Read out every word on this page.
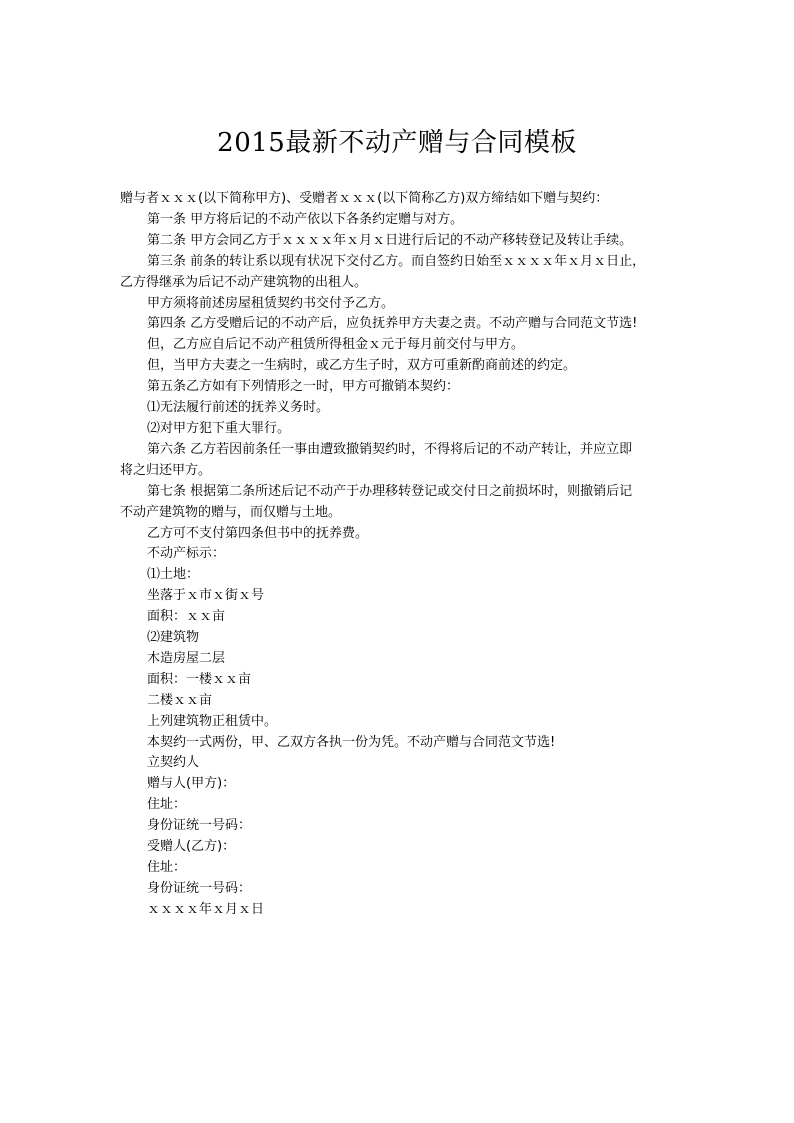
2015最新不动产赠与合同模板

赠与者ｘｘｘ(以下简称甲方)、受赠者ｘｘｘ(以下简称乙方)双方缔结如下赠与契约：

第一条 甲方将后记的不动产依以下各条约定赠与对方。

第二条 甲方会同乙方于ｘｘｘｘ年ｘ月ｘ日进行后记的不动产移转登记及转让手续。

第三条 前条的转让系以现有状况下交付乙方。而自签约日始至ｘｘｘｘ年ｘ月ｘ日止，

乙方得继承为后记不动产建筑物的出租人。

甲方须将前述房屋租赁契约书交付予乙方。

第四条 乙方受赠后记的不动产后，应负抚养甲方夫妻之责。不动产赠与合同范文节选!

但，乙方应自后记不动产租赁所得租金ｘ元于每月前交付与甲方。

但，当甲方夫妻之一生病时，或乙方生子时，双方可重新酌商前述的约定。

第五条乙方如有下列情形之一时，甲方可撤销本契约：

⑴无法履行前述的抚养义务时。

⑵对甲方犯下重大罪行。

第六条 乙方若因前条任一事由遭致撤销契约时，不得将后记的不动产转让，并应立即

将之归还甲方。

第七条 根据第二条所述后记不动产于办理移转登记或交付日之前损坏时，则撤销后记

不动产建筑物的赠与，而仅赠与土地。

乙方可不支付第四条但书中的抚养费。

不动产标示：

⑴土地：

坐落于ｘ市ｘ街ｘ号

面积：ｘｘ亩

⑵建筑物

木造房屋二层

面积：一楼ｘｘ亩

二楼ｘｘ亩

上列建筑物正租赁中。

本契约一式两份，甲、乙双方各执一份为凭。不动产赠与合同范文节选!

立契约人

赠与人(甲方)：

住址：

身份证统一号码：

受赠人(乙方)：

住址：

身份证统一号码：

ｘｘｘｘ年ｘ月ｘ日
